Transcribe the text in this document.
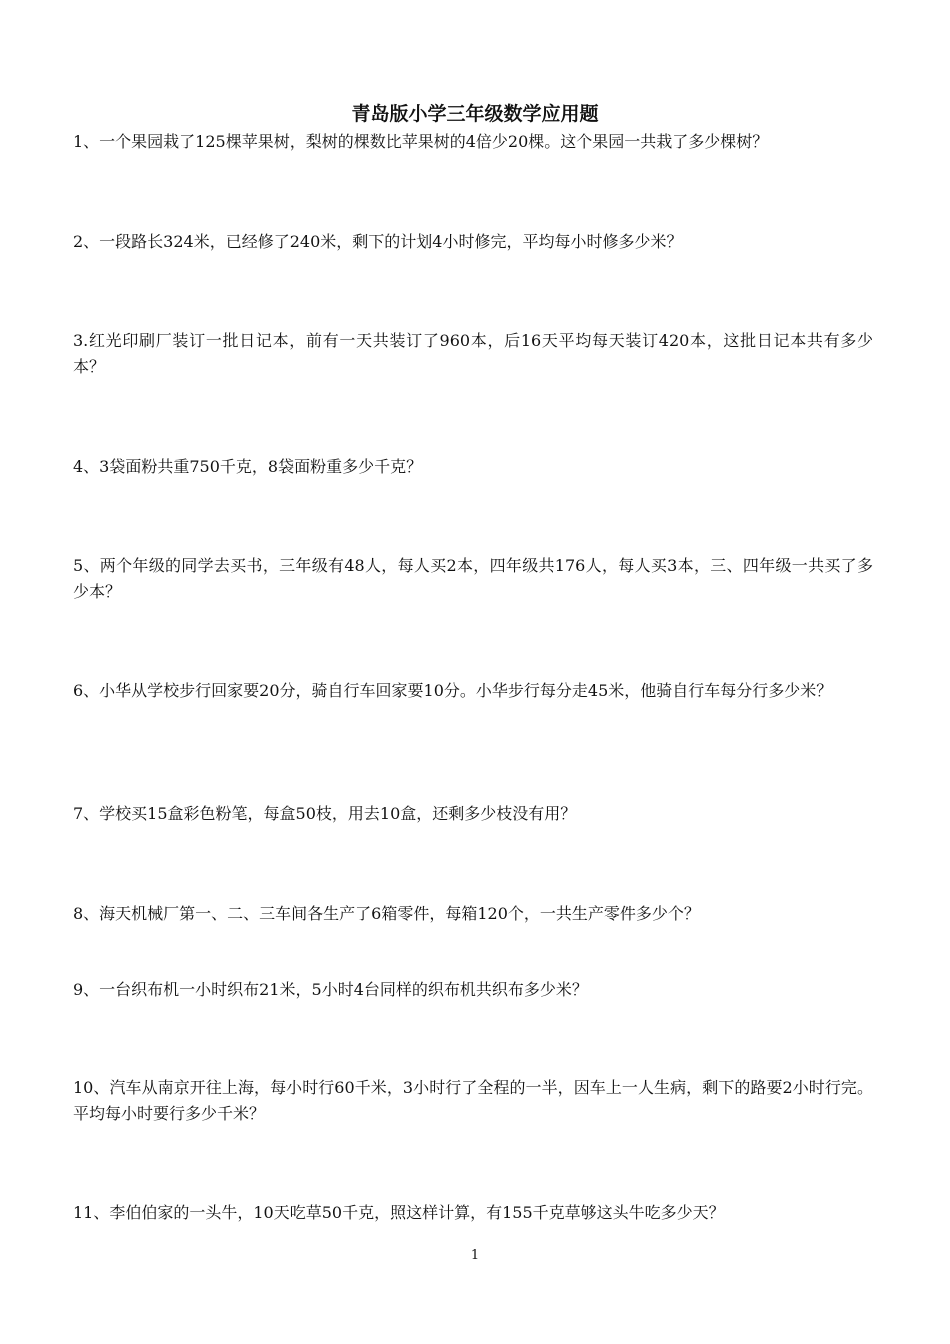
青岛版小学三年级数学应用题
1、一个果园栽了125棵苹果树，梨树的棵数比苹果树的4倍少20棵。这个果园一共栽了多少棵树？
2、一段路长324米，已经修了240米，剩下的计划4小时修完，平均每小时修多少米？
3.红光印刷厂装订一批日记本，前有一天共装订了960本，后16天平均每天装订420本，这批日记本共有多少本？
4、3袋面粉共重750千克，8袋面粉重多少千克？
5、两个年级的同学去买书，三年级有48人，每人买2本，四年级共176人，每人买3本，三、四年级一共买了多少本？
6、小华从学校步行回家要20分，骑自行车回家要10分。小华步行每分走45米，他骑自行车每分行多少米？
7、学校买15盒彩色粉笔，每盒50枝，用去10盒，还剩多少枝没有用？
8、海天机械厂第一、二、三车间各生产了6箱零件，每箱120个，一共生产零件多少个？
9、一台织布机一小时织布21米，5小时4台同样的织布机共织布多少米？
10、汽车从南京开往上海，每小时行60千米，3小时行了全程的一半，因车上一人生病，剩下的路要2小时行完。平均每小时要行多少千米？
11、李伯伯家的一头牛，10天吃草50千克，照这样计算，有155千克草够这头牛吃多少天？
1
